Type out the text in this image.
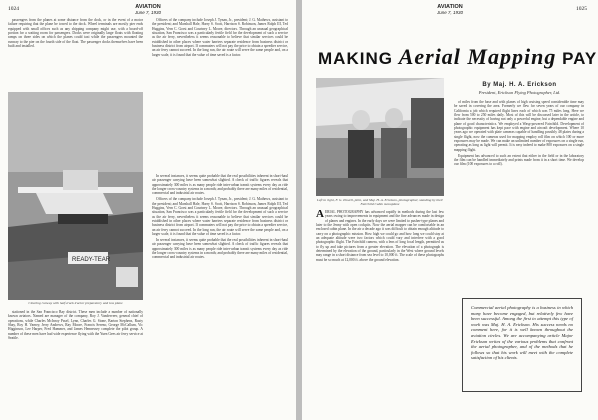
1024	AVIATION
June 7, 1930

passengers from the planes at some distance from the dock, or in the event of a motor failure requiring that the plane be towed to the dock. Wheel terminals are mostly pier ends equipped with small offices such as any shipping company might use, with a board-off portion for a waiting room for passengers. Docks were originally large floats with floating ramps on three sides on which the planes could taxi while the passengers mounted the runway to the pier on the fourth side of the float. The passenger docks themselves have been built and installed.

READY-TEAR
Clearing runway with half-track tractor preparatory and tow plane

stationed in the San Francisco Bay district. These men include a number of nationally known aviators. Named are manager of the company, Roy J. Vanderveer, general chief of operations, while Charles McInroy Pasel, Lynn, Charles G. Stone, Barton Stephens, Rusty Shay, Roy H. Varney, Jerry Andrews, Ray Moore, Francis Sereno, George McCallum, Vic Higginson, Lee Harper, Fred Hammer, and James Hennessey complete the pilot group. A number of these men have had wide experience flying with the Yuen Gees air ferry service at Seattle.

Officers of the company include Joseph J. Tynan, Jr., president; J. G. Mathews, assistant to the president; and Marshall Hale, Harry S. Scott, Harrison S. Robinson, James Rolph III, Ted Huggins, Vern C. Gorst and Courtney L. Moore, directors. Through an unusual geographical situation, San Francisco was a particularly fertile field for the development of such a service as the air ferry, nevertheless it seems reasonable to believe that similar services could be established in other places where water barriers separate residence from business district or business district from airport. If commuters will not pay the price to obtain a speedier service, an air ferry cannot succeed. In the long run, the air route will serve the same people and, on a larger scale, it is found that the value of time saved is a factor.

In several instances, it seems quite probable that the real possibilities inherent in short-haul air passenger carrying have been somewhat slighted. A check of traffic figures reveals that approximately 300 miles is as many people ride inter-urban transit systems every day as ride the longer cross-country systems in a month; and probably there are many miles of residential, commercial and industrial air routes.

Officers of the company include Joseph J. Tynan, Jr., president; J. G. Mathews, assistant to the president; and Marshall Hale, Harry S. Scott, Harrison S. Robinson, James Rolph III, Ted Huggins, Vern C. Gorst and Courtney L. Moore, directors. Through an unusual geographical situation, San Francisco was a particularly fertile field for the development of such a service as the air ferry, nevertheless it seems reasonable to believe that similar services could be established in other places where water barriers separate residence from business district or business district from airport. If commuters will not pay the price to obtain a speedier service, an air ferry cannot succeed. In the long run, the air route will serve the same people and, on a larger scale, it is found that the value of time saved is a factor.

In several instances, it seems quite probable that the real possibilities inherent in short-haul air passenger carrying have been somewhat slighted. A check of traffic figures reveals that approximately 300 miles is as many people ride inter-urban transit systems every day as ride the longer cross-country systems in a month; and probably there are many miles of residential, commercial and industrial air routes.

AVIATION
June 7, 1930
1025
MAKING Aerial Mapping PAY
Left to right, F. G. Powell, pilot, and Maj. H. A. Erickson, photographer, standing by their Fairchild Cabin monoplane
By Maj. H. A. Erickson
President, Erickson Flying Photographer, Ltd.
A ERIAL PHOTOGRAPHY has advanced rapidly in methods during the last few years owing to improvements in equipment and the fine advances made in design of planes and engines. In the early days we were limited to pusher-type planes and later to the Jenny with open cockpits. Now the aerial mapper can be comfortable in an enclosed cabin plane. In the air a decade ago it was difficult to obtain enough altitude to carry on a photographic mission. How high we could go and how long we could stay at an adequate altitude were two factors which could vary and interfere with a good photographic flight. The Fairchild camera, with a lens of long focal length, permitted us to fly up and take pictures from a greater elevation. The elevation of a photograph is determined by the elevation of the ground, particularly in the West where ground levels may range in a short distance from sea level to 10,000 ft. The scale of these photographs must be so much at 12,000 ft. above the ground elevation.

of miles from the base and with planes of high cruising speed considerable time may be saved in covering the area. Formerly we flew for seven years of our company in California a job which required flight lines each of which was 75 miles long. Here we flew from 500 to 250 miles daily. Most of this will be discussed later in the article, to indicate the necessity of having not only a powerful engine, but a dependable engine and plane of good characteristics. We employed a Wasp-powered Fairchild. Development of photographic equipment has kept pace with engine and aircraft development. Where 10 years ago we operated with plate cameras capable of handling possibly 48 plates during a single flight, now the cameras used for mapping employ roll film on which 100 or more exposures may be made. We can make an unlimited number of exposures on a single run, operating as long as light will permit. It is easy indeed to make 800 exposures on a single mapping flight.

Equipment has advanced to such an extent that either in the field or in the laboratory the film can be handled immediately and prints made from it in a short time. We develop our film (100 exposures to a roll).

Commercial aerial photography is a business in which many have become engaged, but relatively few have been successful. Among the first to attempt this type of work was Maj. H. A. Erickson. His success needs no comment here, for it is well known throughout the aviation circles. We are accompanying article Major Erickson writes of the various problems that confront the aerial photographer, and of the methods that he follows so that his work will meet with the complete satisfaction of his clients.
